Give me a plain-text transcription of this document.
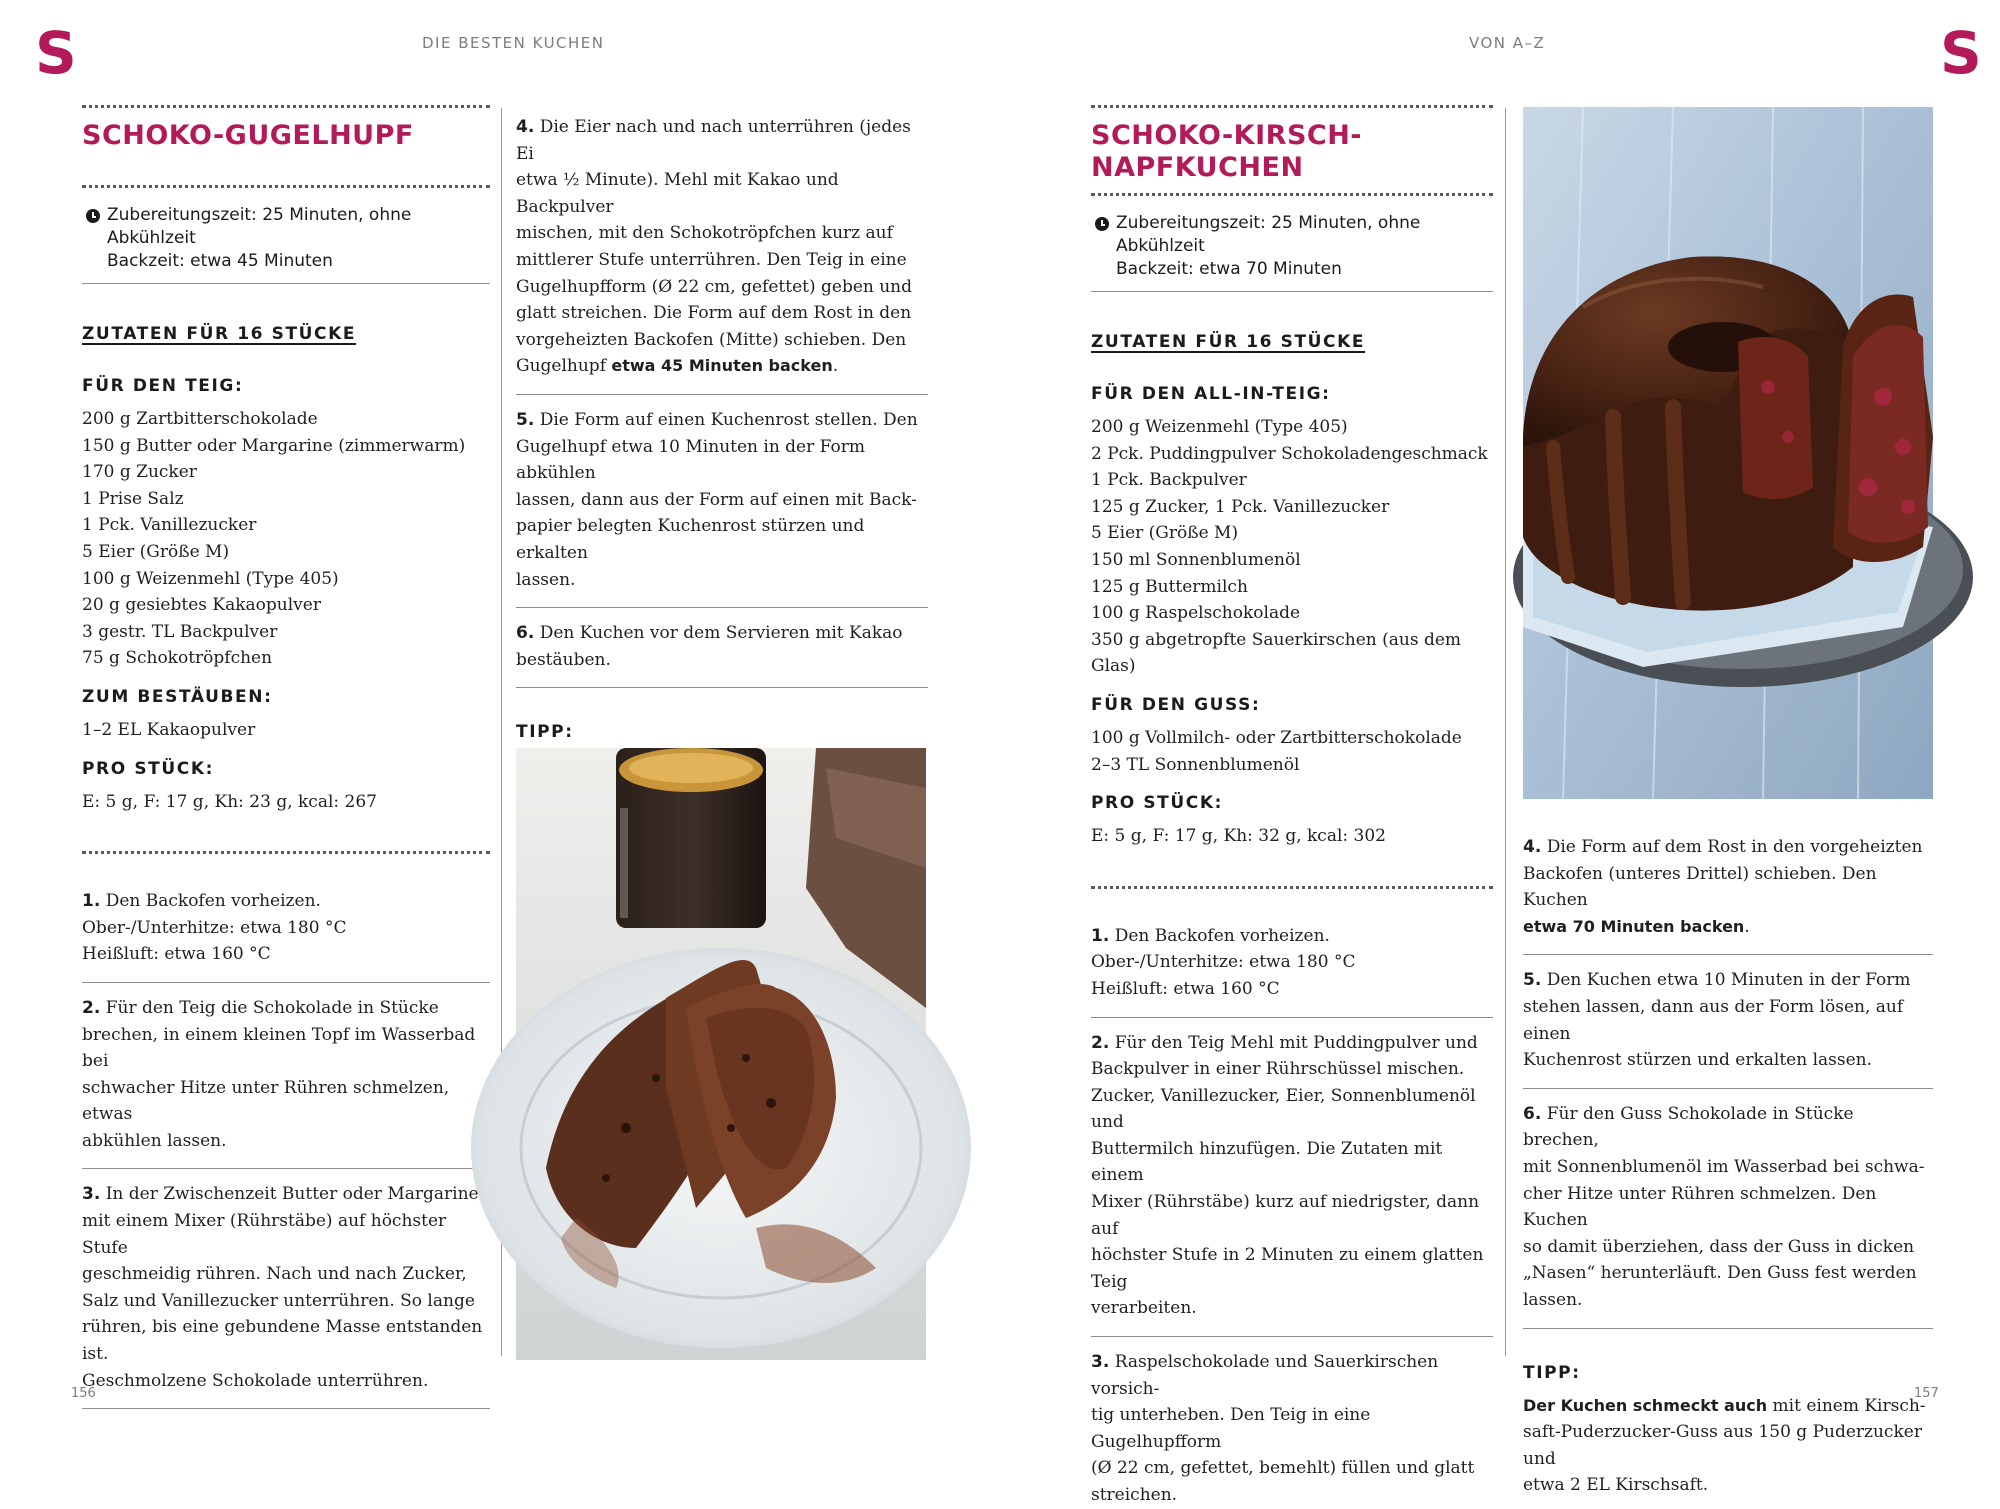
S	DIE BESTEN KUCHEN	VON A–Z	S
156	157
SCHOKO-GUGELHUPF
Zubereitungszeit: 25 Minuten, ohne Abkühlzeit
Backzeit: etwa 45 Minuten
ZUTATEN FÜR 16 STÜCKE
FÜR DEN TEIG:
200 g Zartbitterschokolade
150 g Butter oder Margarine (zimmerwarm)
170 g Zucker
1 Prise Salz
1 Pck. Vanillezucker
5 Eier (Größe M)
100 g Weizenmehl (Type 405)
20 g gesiebtes Kakaopulver
3 gestr. TL Backpulver
75 g Schokotröpfchen
ZUM BESTÄUBEN:
1–2 EL Kakaopulver
PRO STÜCK:

E: 5 g, F: 17 g, Kh: 23 g, kcal: 267

1. Den Backofen vorheizen.
Ober-/Unterhitze: etwa 180 °C
Heißluft: etwa 160 °C
2. Für den Teig die Schokolade in Stücke
brechen, in einem kleinen Topf im Wasserbad bei
schwacher Hitze unter Rühren schmelzen, etwas
abkühlen lassen.
3. In der Zwischenzeit Butter oder Margarine
mit einem Mixer (Rührstäbe) auf höchster Stufe
geschmeidig rühren. Nach und nach Zucker,
Salz und Vanillezucker unterrühren. So lange
rühren, bis eine gebundene Masse entstanden ist.
Geschmolzene Schokolade unterrühren.
4. Die Eier nach und nach unterrühren (jedes Ei
etwa ½ Minute). Mehl mit Kakao und Backpulver
mischen, mit den Schokotröpfchen kurz auf
mittlerer Stufe unterrühren. Den Teig in eine
Gugelhupfform (Ø 22 cm, gefettet) geben und
glatt streichen. Die Form auf dem Rost in den
vorgeheizten Backofen (Mitte) schieben. Den
Gugelhupf etwa 45 Minuten backen.
5. Die Form auf einen Kuchenrost stellen. Den
Gugelhupf etwa 10 Minuten in der Form abkühlen
lassen, dann aus der Form auf einen mit Back-
papier belegten Kuchenrost stürzen und erkalten
lassen.
6. Den Kuchen vor dem Servieren mit Kakao
bestäuben.
TIPP:
SCHOKO-KIRSCH-
NAPFKUCHEN
Zubereitungszeit: 25 Minuten, ohne Abkühlzeit
Backzeit: etwa 70 Minuten
ZUTATEN FÜR 16 STÜCKE
FÜR DEN ALL-IN-TEIG:
200 g Weizenmehl (Type 405)
2 Pck. Puddingpulver Schokoladengeschmack
1 Pck. Backpulver
125 g Zucker, 1 Pck. Vanillezucker
5 Eier (Größe M)
150 ml Sonnenblumenöl
125 g Buttermilch
100 g Raspelschokolade
350 g abgetropfte Sauerkirschen (aus dem Glas)
FÜR DEN GUSS:
100 g Vollmilch- oder Zartbitterschokolade
2–3 TL Sonnenblumenöl
PRO STÜCK:

E: 5 g, F: 17 g, Kh: 32 g, kcal: 302

1. Den Backofen vorheizen.
Ober-/Unterhitze: etwa 180 °C
Heißluft: etwa 160 °C
2. Für den Teig Mehl mit Puddingpulver und
Backpulver in einer Rührschüssel mischen.
Zucker, Vanillezucker, Eier, Sonnenblumenöl und
Buttermilch hinzufügen. Die Zutaten mit einem
Mixer (Rührstäbe) kurz auf niedrigster, dann auf
höchster Stufe in 2 Minuten zu einem glatten Teig
verarbeiten.
3. Raspelschokolade und Sauerkirschen vorsich-
tig unterheben. Den Teig in eine Gugelhupfform
(Ø 22 cm, gefettet, bemehlt) füllen und glatt
streichen.
4. Die Form auf dem Rost in den vorgeheizten
Backofen (unteres Drittel) schieben. Den Kuchen
etwa 70 Minuten backen.
5. Den Kuchen etwa 10 Minuten in der Form
stehen lassen, dann aus der Form lösen, auf einen
Kuchenrost stürzen und erkalten lassen.
6. Für den Guss Schokolade in Stücke brechen,
mit Sonnenblumenöl im Wasserbad bei schwa-
cher Hitze unter Rühren schmelzen. Den Kuchen
so damit überziehen, dass der Guss in dicken
„Nasen“ herunterläuft. Den Guss fest werden
lassen.
TIPP:
Der Kuchen schmeckt auch mit einem Kirsch-
saft-Puderzucker-Guss aus 150 g Puderzucker und
etwa 2 EL Kirschsaft.
